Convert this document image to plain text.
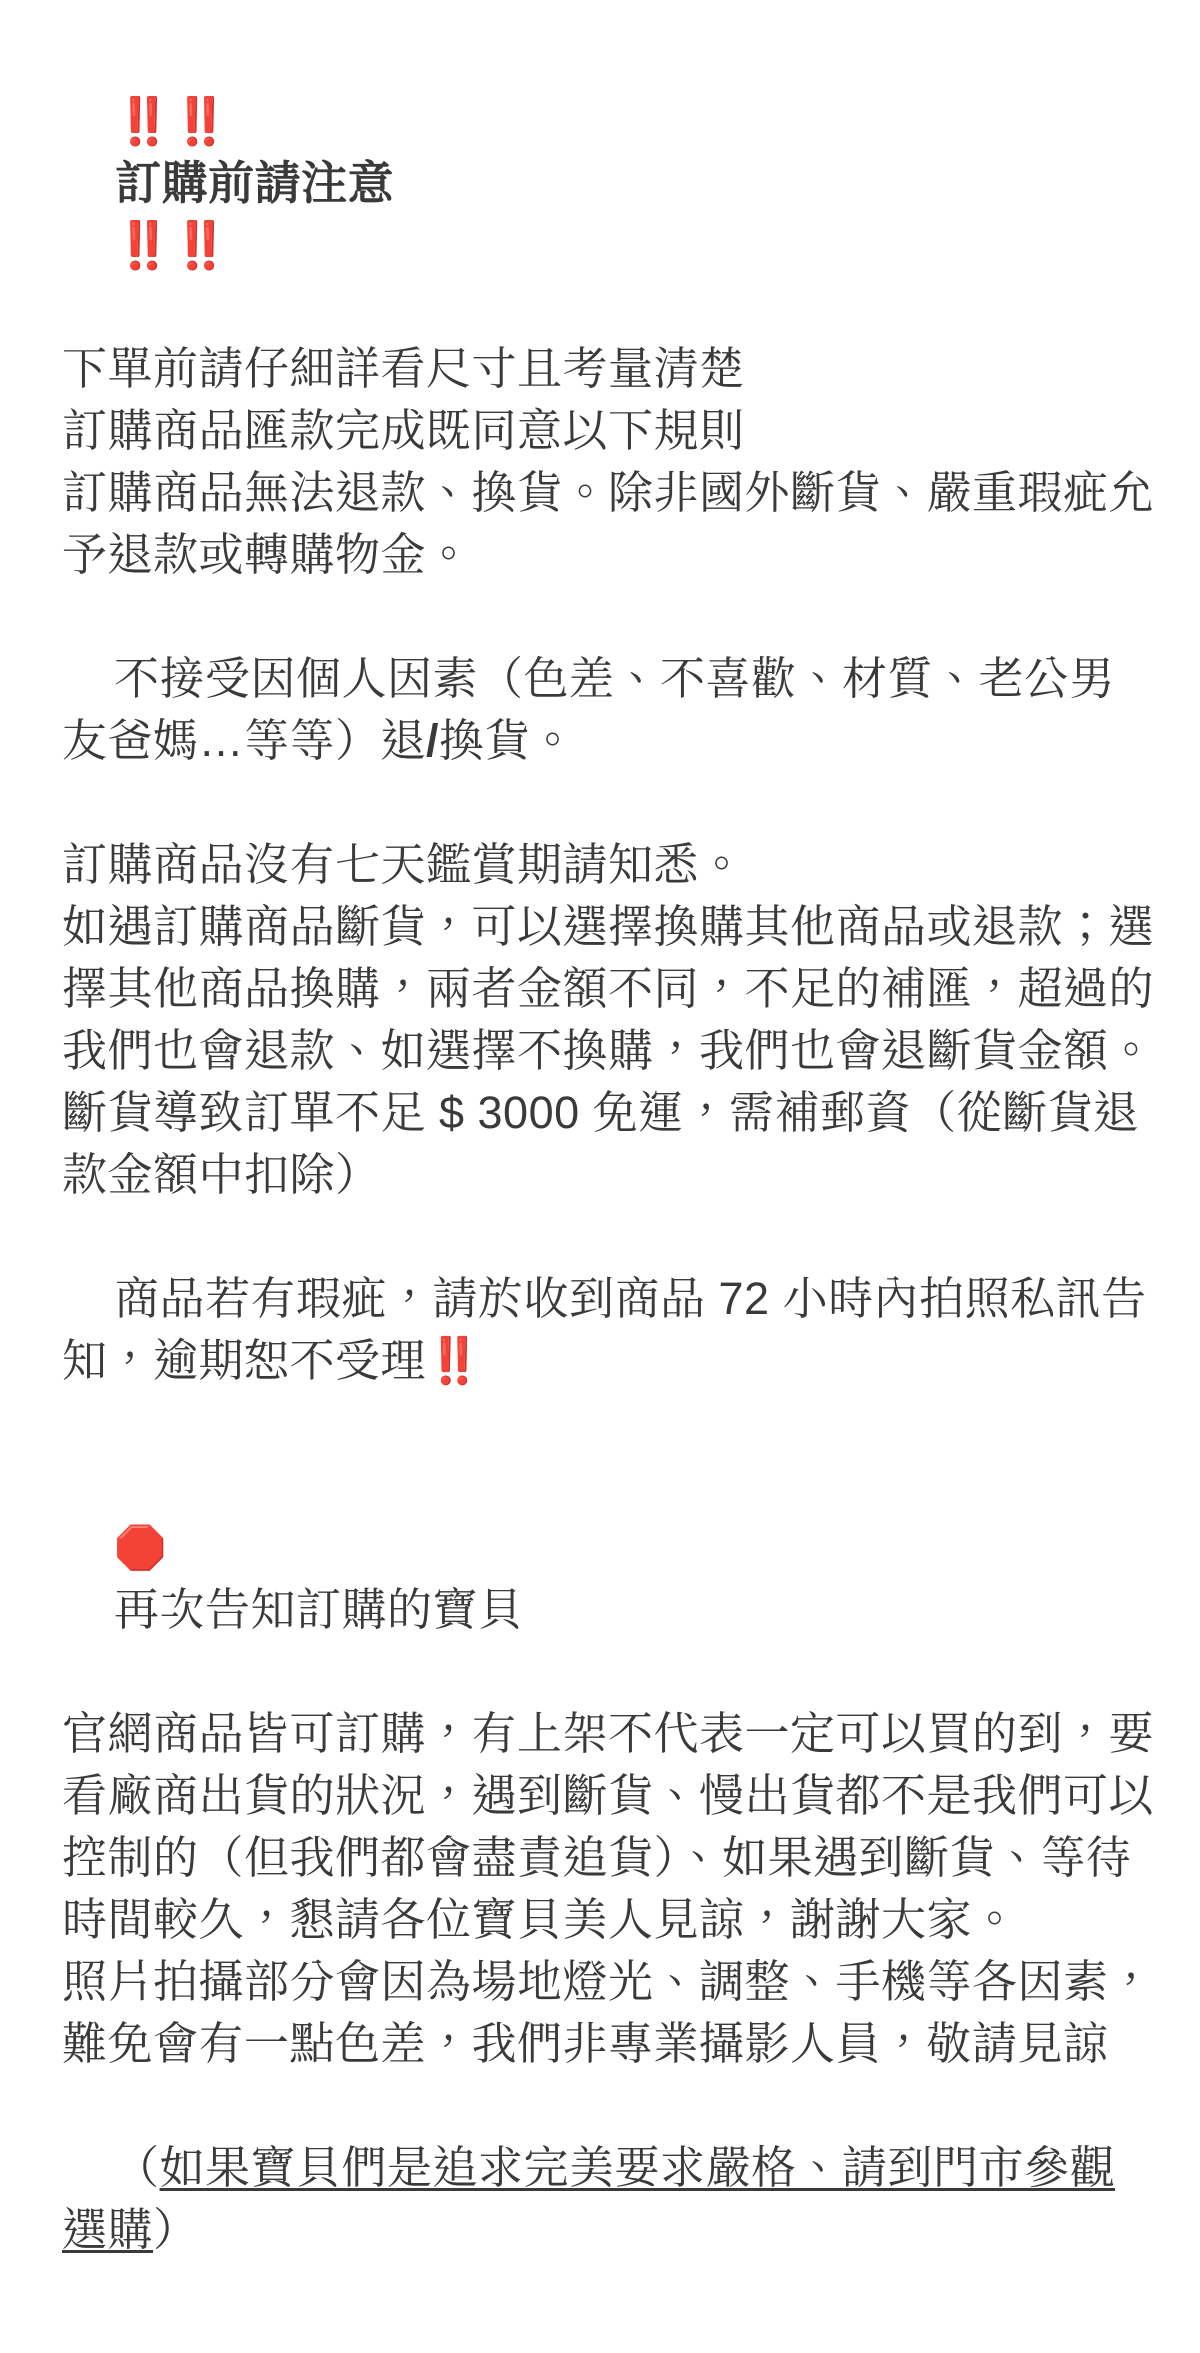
‼️‼️
訂購前請注意
‼️‼️

下單前請仔細詳看尺寸且考量清楚

訂購商品匯款完成既同意以下規則

訂購商品無法退款、換貨。除非國外斷貨、嚴重瑕疵允予退款或轉購物金。

不接受因個人因素（色差、不喜歡、材質、老公男友爸媽…等等）退/換貨。

訂購商品沒有七天鑑賞期請知悉。

如遇訂購商品斷貨，可以選擇換購其他商品或退款；選擇其他商品換購，兩者金額不同，不足的補匯，超過的我們也會退款、如選擇不換購，我們也會退斷貨金額。

斷貨導致訂單不足 $ 3000 免運，需補郵資（從斷貨退款金額中扣除）

商品若有瑕疵，請於收到商品 72 小時內拍照私訊告知，逾期恕不受理‼️

🛑
再次告知訂購的寶貝

官網商品皆可訂購，有上架不代表一定可以買的到，要看廠商出貨的狀況，遇到斷貨、慢出貨都不是我們可以控制的（但我們都會盡責追貨）、如果遇到斷貨、等待時間較久，懇請各位寶貝美人見諒，謝謝大家。

照片拍攝部分會因為場地燈光、調整、手機等各因素，難免會有一點色差，我們非專業攝影人員，敬請見諒

（如果寶貝們是追求完美要求嚴格、請到門市參觀選購）
